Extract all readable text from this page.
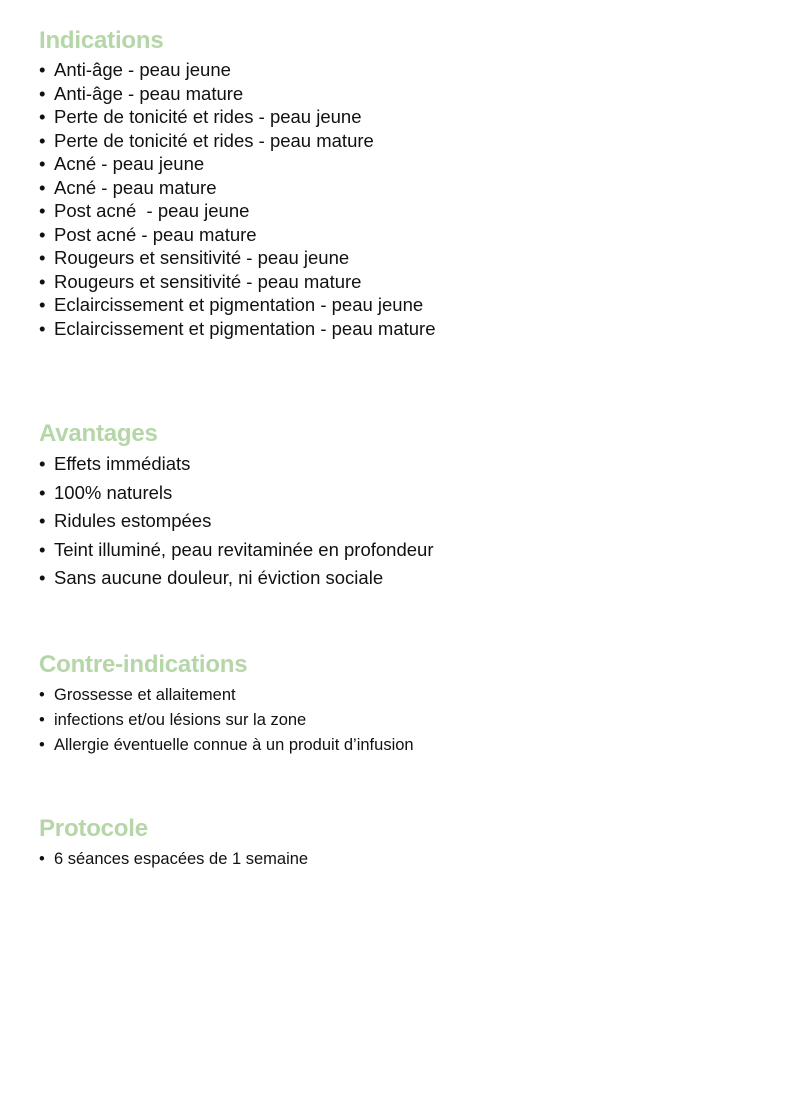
Indications
• Anti-âge - peau jeune
• Anti-âge - peau mature
• Perte de tonicité et rides - peau jeune
• Perte de tonicité et rides - peau mature
• Acné - peau jeune
• Acné - peau mature
• Post acné  - peau jeune
• Post acné - peau mature
• Rougeurs et sensitivité - peau jeune
• Rougeurs et sensitivité - peau mature
• Eclaircissement et pigmentation - peau jeune
• Eclaircissement et pigmentation - peau mature
Avantages
• Effets immédiats
• 100% naturels
• Ridules estompées
• Teint illuminé, peau revitaminée en profondeur
• Sans aucune douleur, ni éviction sociale
Contre-indications
• Grossesse et allaitement
• infections et/ou lésions sur la zone
• Allergie éventuelle connue à un produit d’infusion
Protocole
• 6 séances espacées de 1 semaine
